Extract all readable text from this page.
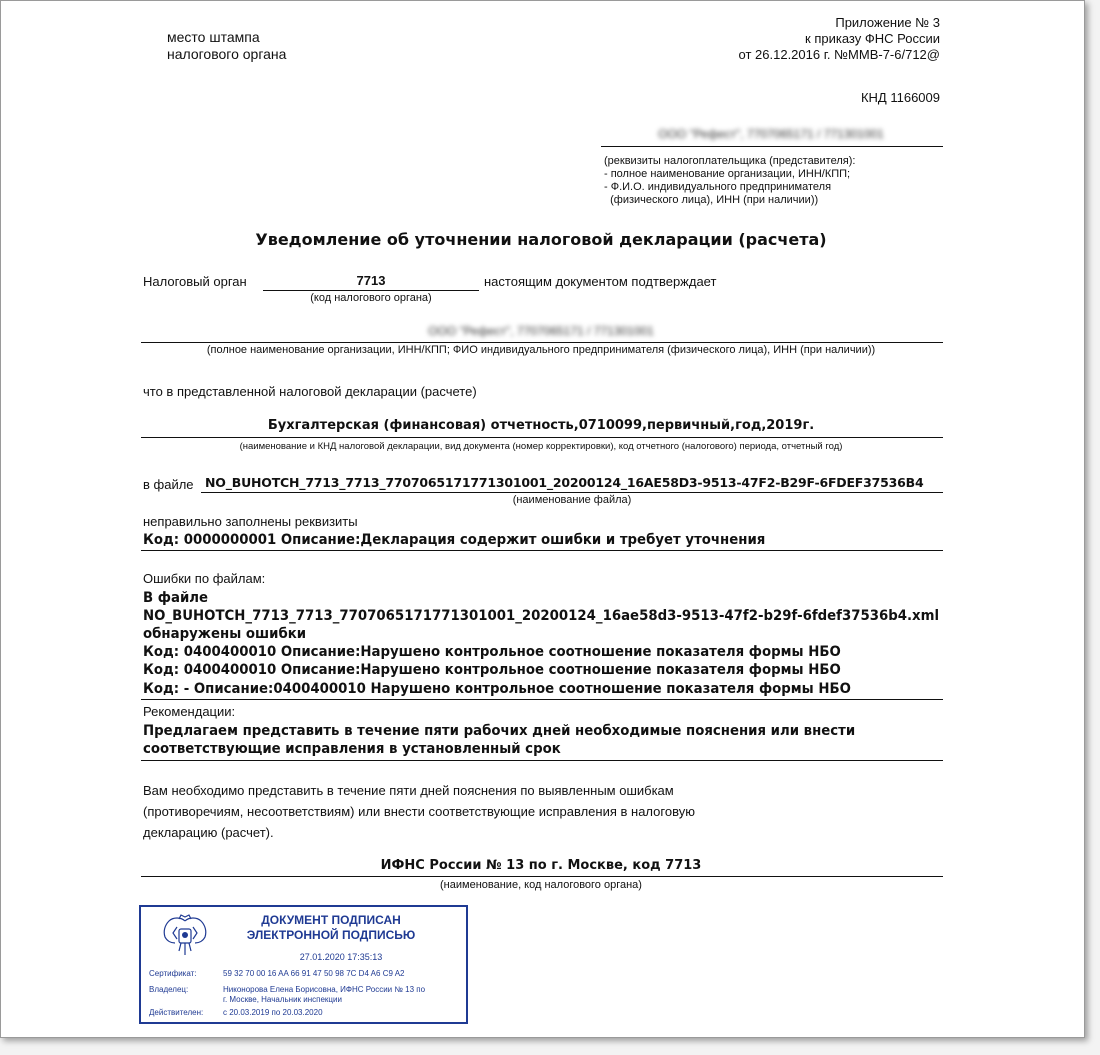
место штампа
налогового органа
Приложение № 3
к приказу ФНС России
от 26.12.2016 г. №ММВ-7-6/712@
КНД 1166009
ООО "Рефест", 7707065171 / 771301001
(реквизиты налогоплательщика (представителя):
- полное наименование организации, ИНН/КПП;
- Ф.И.О. индивидуального предпринимателя
(физического лица), ИНН (при наличии))
Уведомление об уточнении налоговой декларации (расчета)
Налоговый орган	7713
(код налогового органа)
настоящим документом подтверждает
ООО "Рефест", 7707065171 / 771301001
(полное наименование организации, ИНН/КПП; ФИО индивидуального предпринимателя (физического лица), ИНН (при наличии))
что в представленной налоговой декларации (расчете)
Бухгалтерская (финансовая) отчетность,0710099,первичный,год,2019г.
(наименование и КНД налоговой декларации, вид документа (номер корректировки), код отчетного (налогового) периода, отчетный год)
в файле NO_BUHOTCH_7713_7713_7707065171771301001_20200124_16AE58D3-9513-47F2-B29F-6FDEF37536B4
(наименование файла)
неправильно заполнены реквизиты
Код: 0000000001 Описание:Декларация содержит ошибки и требует уточнения
Ошибки по файлам:
В файле
NO_BUHOTCH_7713_7713_7707065171771301001_20200124_16ae58d3-9513-47f2-b29f-6fdef37536b4.xml
обнаружены ошибки
Код: 0400400010 Описание:Нарушено контрольное соотношение показателя формы НБО
Код: 0400400010 Описание:Нарушено контрольное соотношение показателя формы НБО
Код: - Описание:0400400010 Нарушено контрольное соотношение показателя формы НБО
Рекомендации:
Предлагаем представить в течение пяти рабочих дней необходимые пояснения или внести
соответствующие исправления в установленный срок
Вам необходимо представить в течение пяти дней пояснения по выявленным ошибкам
(противоречиям, несоответствиям) или внести соответствующие исправления в налоговую
декларацию (расчет).
ИФНС России № 13 по г. Москве, код 7713
(наименование, код налогового органа)
ДОКУМЕНТ ПОДПИСАН
ЭЛЕКТРОННОЙ ПОДПИСЬЮ
27.01.2020 17:35:13
Сертификат:	59 32 70 00 16 AA 66 91 47 50 98 7C D4 A6 C9 A2
Владелец:	Никонорова Елена Борисовна, ИФНС России № 13 по
г. Москве, Начальник инспекции
Действителен:	с 20.03.2019 по 20.03.2020
